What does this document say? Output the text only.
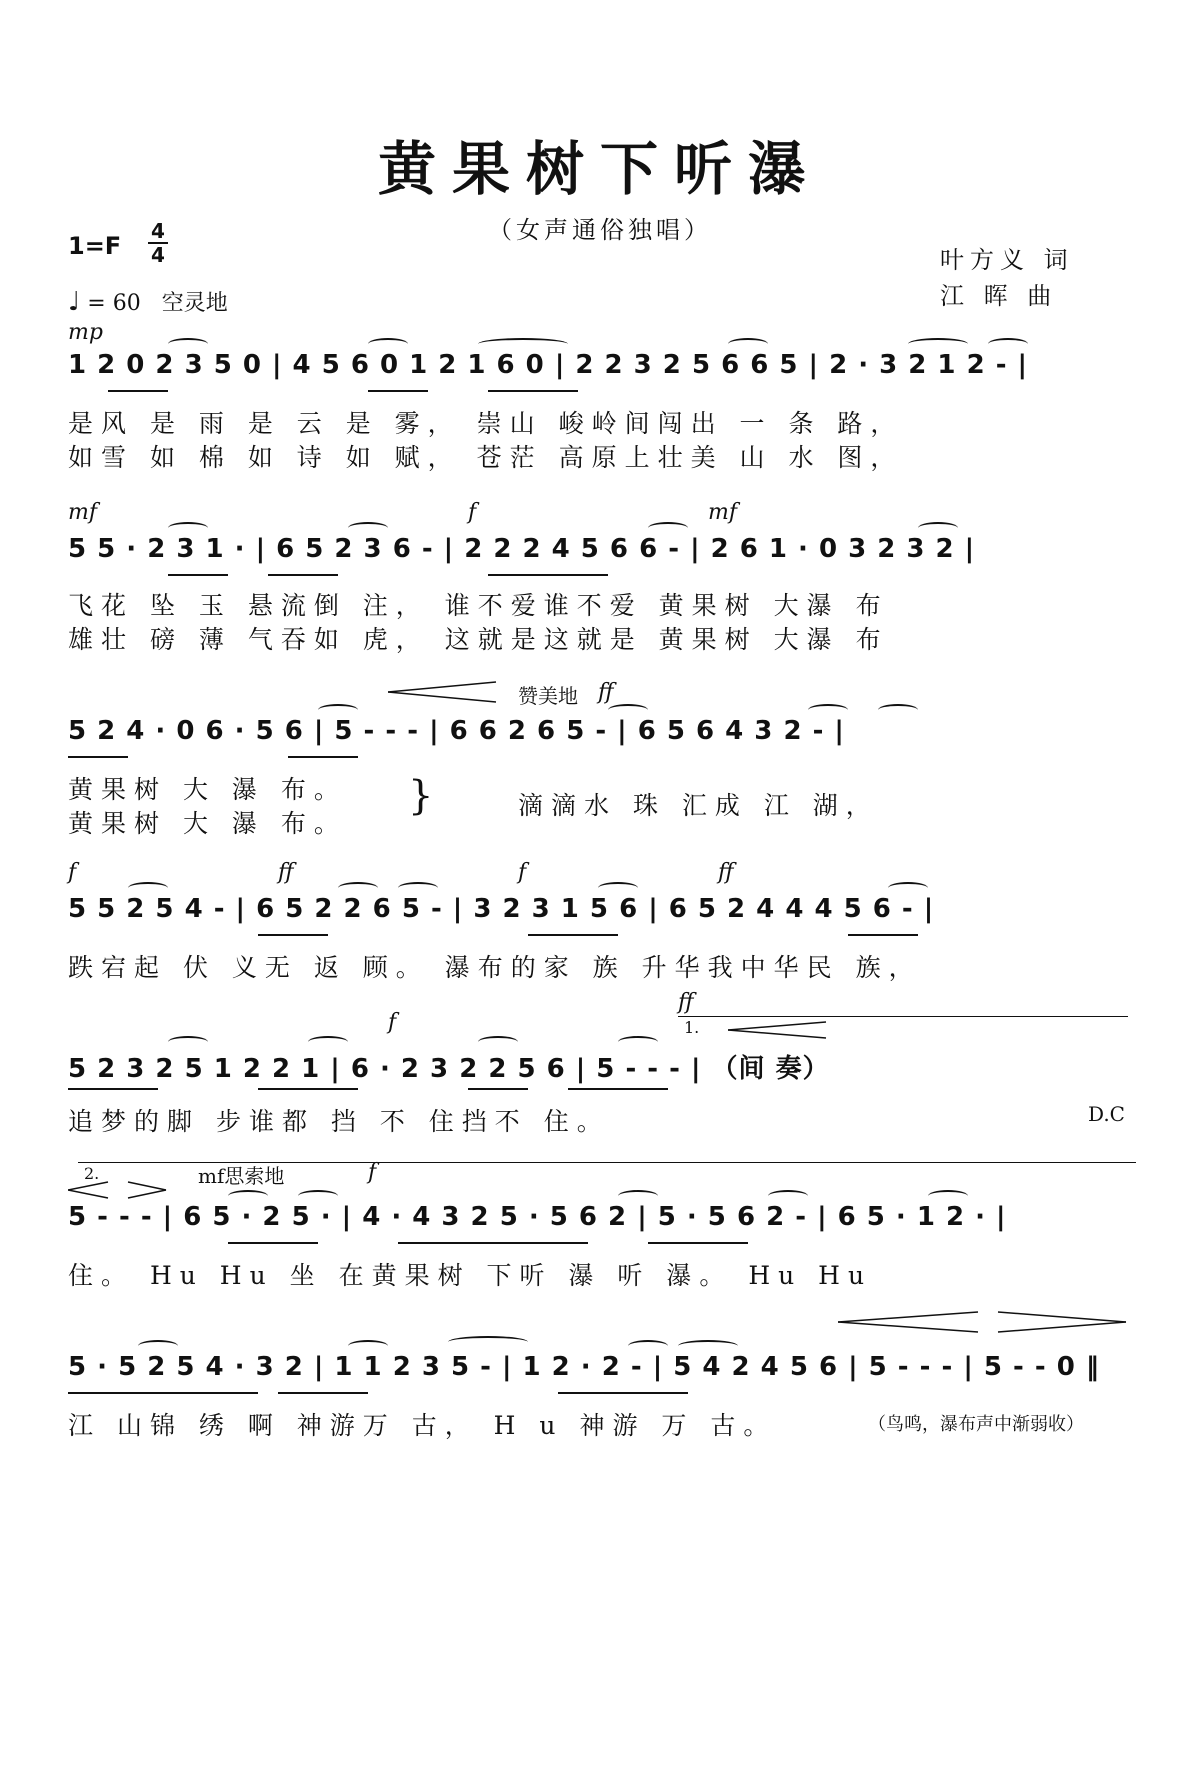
黄果树下听瀑
（女声通俗独唱）
1=F
4
4	叶方义 词
江 晖 曲
♩ = 60 空灵地
mp
1 2 0 2 3 5 0 | 4 5 6 0 1 2 1 6 0 | 2 2 3 2 5 6 6 5 | 2 · 3 2 1 2 - |
是风 是 雨 是 云 是 雾， 崇山 峻岭间闯出 一 条 路，
如雪 如 棉 如 诗 如 赋， 苍茫 高原上壮美 山 水 图，
mf	f	mf
5 5 · 2 3 1 · | 6 5 2 3 6 - | 2 2 2 4 5 6 6 - | 2 6 1 · 0 3 2 3 2 |
飞花 坠 玉 悬流倒 注， 谁不爱谁不爱 黄果树 大瀑 布
雄壮 磅 薄 气吞如 虎， 这就是这就是 黄果树 大瀑 布
赞美地 ff
5 2 4 · 0 6 · 5 6 | 5 - - - | 6 6 2 6 5 - | 6 5 6 4 3 2 - |
黄果树 大 瀑 布。
黄果树 大 瀑 布。
}	滴滴水 珠 汇成 江 湖，
f	ff	f	ff
5 5 2 5 4 - | 6 5 2 2 6 5 - | 3 2 3 1 5 6 | 6 5 2 4 4 4 5 6 - |
跌宕起 伏 义无 返 顾。 瀑布的家 族 升华我中华民 族，
f
ff
1.
5 2 3 2 5 1 2 2 1 | 6 · 2 3 2 2 5 6 | 5 - - - | （间 奏）
追梦的脚 步谁都 挡 不 住挡不 住。	D.C
2.	mf思索地	f
5 - - - | 6 5 · 2 5 · | 4 · 4 3 2 5 · 5 6 2 | 5 · 5 6 2 - | 6 5 · 1 2 · |
住。 Hu Hu 坐 在黄果树 下听 瀑 听 瀑。 Hu Hu
5 · 5 2 5 4 · 3 2 | 1 1 2 3 5 - | 1 2 · 2 - | 5 4 2 4 5 6 | 5 - - - | 5 - - 0 ‖
江 山锦 绣 啊 神游万 古， H u 神游 万 古。	（鸟鸣，瀑布声中渐弱收）
